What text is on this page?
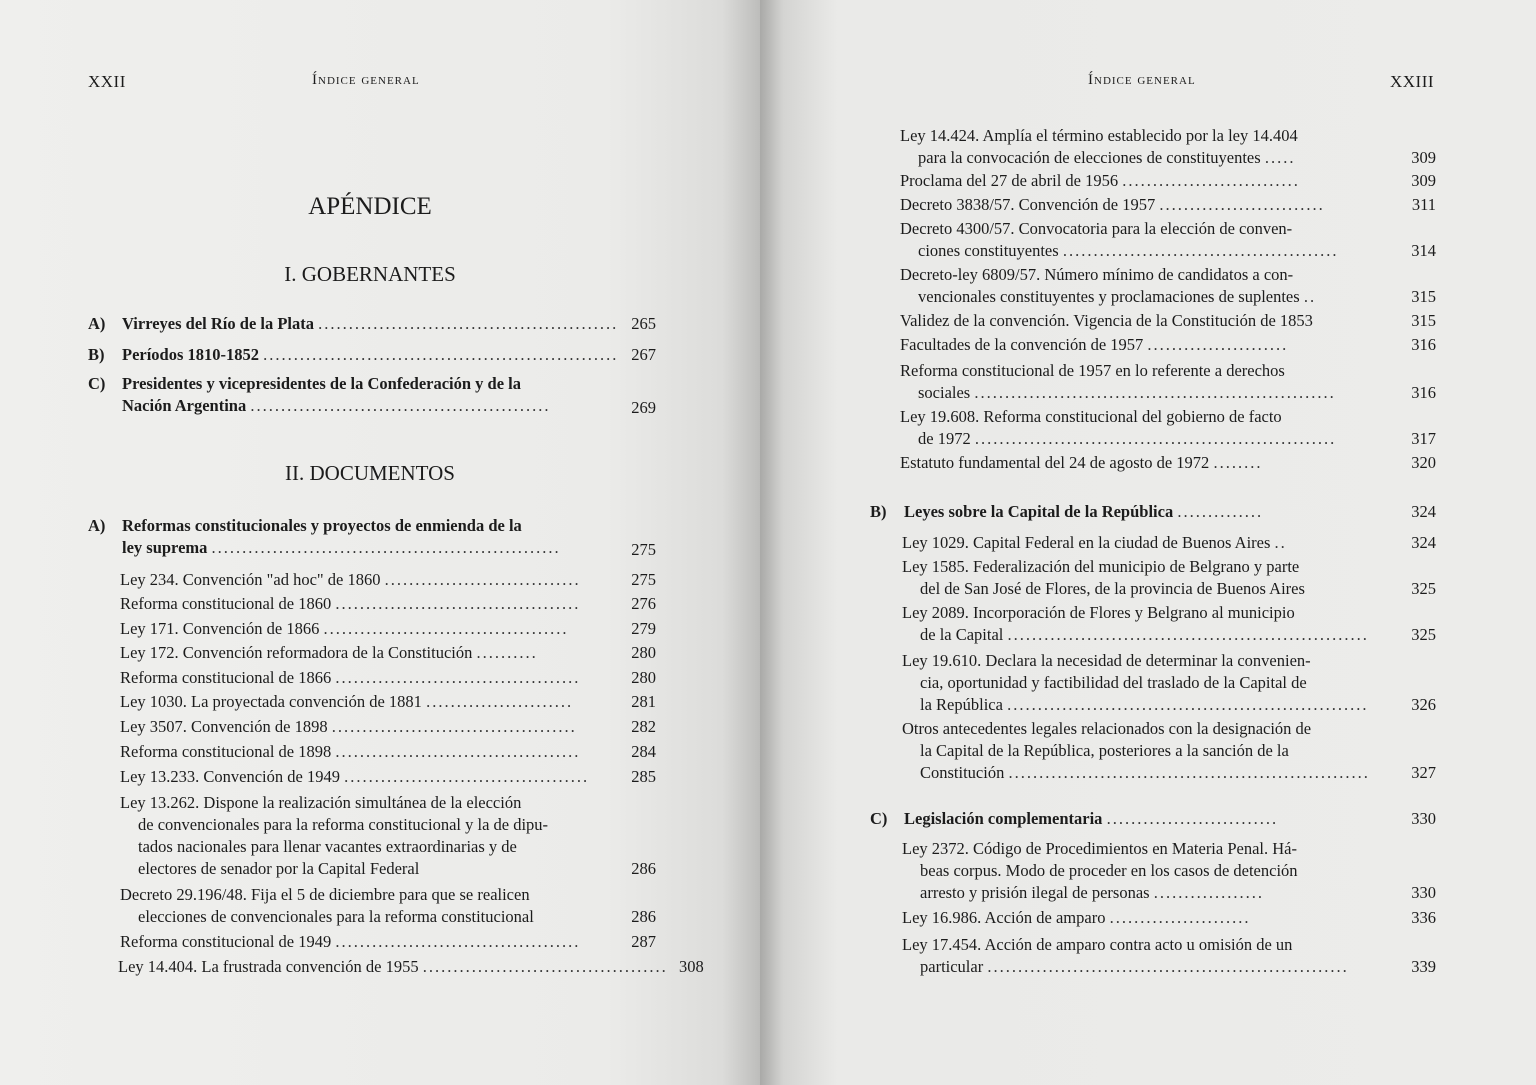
XXII	Índice general
APÉNDICE
I. GOBERNANTES
A)	Virreyes del Río de la Plata ................................................. 265
B)	Períodos 1810-1852 .......................................................... 267
C)	Presidentes y vicepresidentes de la Confederación y de la
Nación Argentina .................................................	269
II. DOCUMENTOS
A)	Reformas constitucionales y proyectos de enmienda de la
ley suprema .........................................................	275
Ley 234. Convención "ad hoc" de 1860 ................................	275
Reforma constitucional de 1860 ........................................	276
Ley 171. Convención de 1866 ........................................	279
Ley 172. Convención reformadora de la Constitución ..........	280
Reforma constitucional de 1866 ........................................	280
Ley 1030. La proyectada convención de 1881 ........................	281
Ley 3507. Convención de 1898 ........................................	282
Reforma constitucional de 1898 ........................................	284
Ley 13.233. Convención de 1949 ........................................	285
Ley 13.262. Dispone la realización simultánea de la elección
de convencionales para la reforma constitucional y la de dipu-
tados nacionales para llenar vacantes extraordinarias y de
electores de senador por la Capital Federal	286
Decreto 29.196/48. Fija el 5 de diciembre para que se realicen
elecciones de convencionales para la reforma constitucional	286
Reforma constitucional de 1949 ........................................	287
Ley 14.404. La frustrada convención de 1955 ........................................ 308
Índice general	XXIII
Ley 14.424. Amplía el término establecido por la ley 14.404
para la convocación de elecciones de constituyentes .....	309
Proclama del 27 de abril de 1956 .............................	309
Decreto 3838/57. Convención de 1957 ...........................	311
Decreto 4300/57. Convocatoria para la elección de conven-
ciones constituyentes .............................................	314
Decreto-ley 6809/57. Número mínimo de candidatos a con-
vencionales constituyentes y proclamaciones de suplentes ..	315
Validez de la convención. Vigencia de la Constitución de 1853	315
Facultades de la convención de 1957 .......................	316
Reforma constitucional de 1957 en lo referente a derechos
sociales ...........................................................	316
Ley 19.608. Reforma constitucional del gobierno de facto
de 1972 ...........................................................	317
Estatuto fundamental del 24 de agosto de 1972 ........	320
B)	Leyes sobre la Capital de la República ..............	324
Ley 1029. Capital Federal en la ciudad de Buenos Aires ..	324
Ley 1585. Federalización del municipio de Belgrano y parte
del de San José de Flores, de la provincia de Buenos Aires	325
Ley 2089. Incorporación de Flores y Belgrano al municipio
de la Capital ...........................................................	325
Ley 19.610. Declara la necesidad de determinar la convenien-
cia, oportunidad y factibilidad del traslado de la Capital de
la República ...........................................................	326
Otros antecedentes legales relacionados con la designación de
la Capital de la República, posteriores a la sanción de la
Constitución ...........................................................	327
C)	Legislación complementaria ............................	330
Ley 2372. Código de Procedimientos en Materia Penal. Há-
beas corpus. Modo de proceder en los casos de detención
arresto y prisión ilegal de personas ..................	330
Ley 16.986. Acción de amparo .......................	336
Ley 17.454. Acción de amparo contra acto u omisión de un
particular ...........................................................	339
